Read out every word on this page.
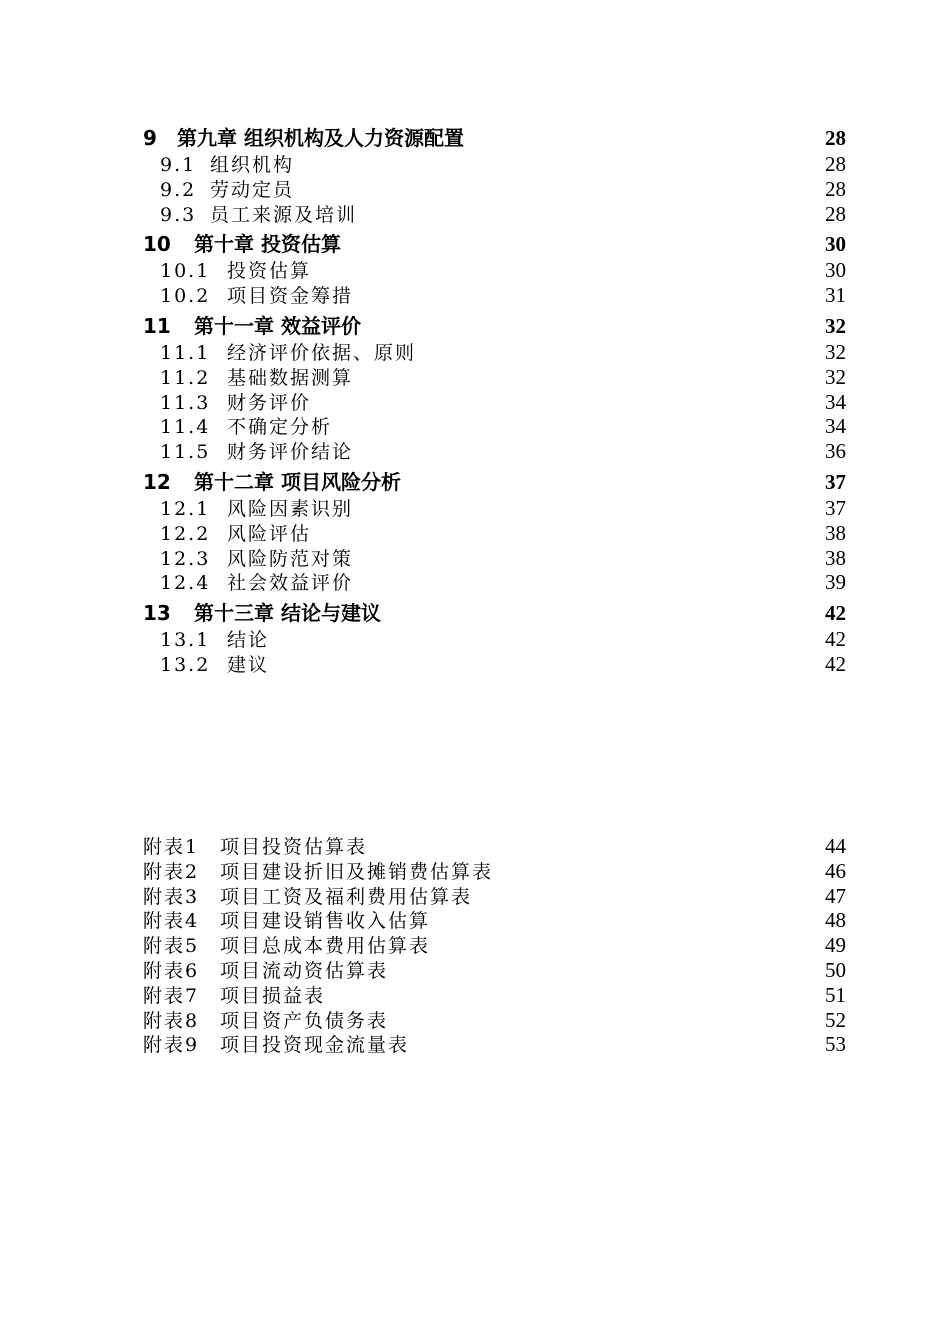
9	第九章 组织机构及人力资源配置	28
9.1 组织机构	28
9.2 劳动定员	28
9.3 员工来源及培训	28
10	第十章 投资估算	30
10.1 投资估算	30
10.2 项目资金筹措	31
11	第十一章 效益评价	32
11.1 经济评价依据、原则	32
11.2 基础数据测算	32
11.3 财务评价	34
11.4 不确定分析	34
11.5 财务评价结论	36
12	第十二章 项目风险分析	37
12.1 风险因素识别	37
12.2 风险评估	38
12.3 风险防范对策	38
12.4 社会效益评价	39
13	第十三章 结论与建议	42
13.1 结论	42
13.2 建议	42
附表1	项目投资估算表	44
附表2	项目建设折旧及摊销费估算表	46
附表3	项目工资及福利费用估算表	47
附表4	项目建设销售收入估算	48
附表5	项目总成本费用估算表	49
附表6	项目流动资估算表	50
附表7	项目损益表	51
附表8	项目资产负债务表	52
附表9	项目投资现金流量表	53
